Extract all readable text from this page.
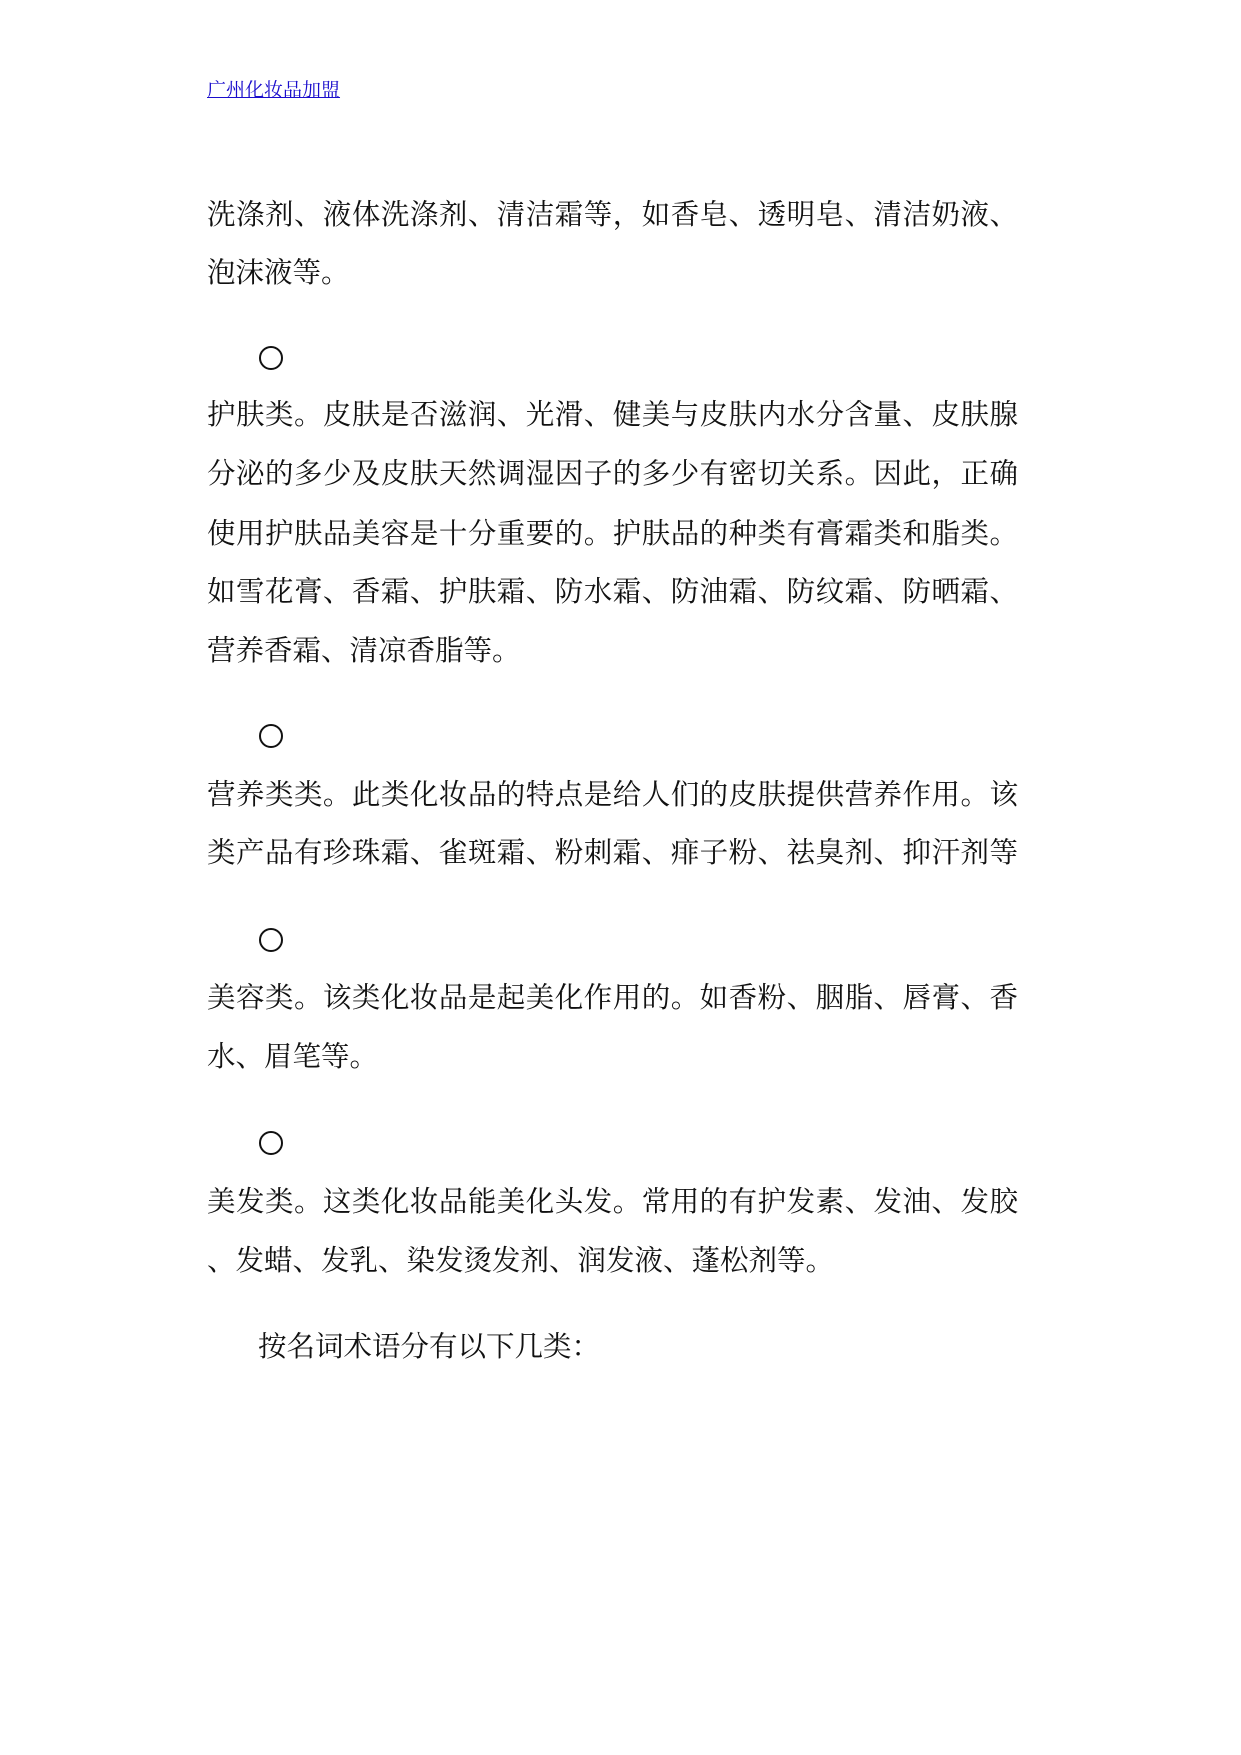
广州化妆品加盟
洗涤剂、液体洗涤剂、清洁霜等，如香皂、透明皂、清洁奶液、
泡沫液等。
护肤类。皮肤是否滋润、光滑、健美与皮肤内水分含量、皮肤腺
分泌的多少及皮肤天然调湿因子的多少有密切关系。因此，正确
使用护肤品美容是十分重要的。护肤品的种类有膏霜类和脂类。
如雪花膏、香霜、护肤霜、防水霜、防油霜、防纹霜、防晒霜、
营养香霜、清凉香脂等。
营养类类。此类化妆品的特点是给人们的皮肤提供营养作用。该
类产品有珍珠霜、雀斑霜、粉刺霜、痱子粉、祛臭剂、抑汗剂等
美容类。该类化妆品是起美化作用的。如香粉、胭脂、唇膏、香
水、眉笔等。
美发类。这类化妆品能美化头发。常用的有护发素、发油、发胶
、发蜡、发乳、染发烫发剂、润发液、蓬松剂等。
按名词术语分有以下几类：
